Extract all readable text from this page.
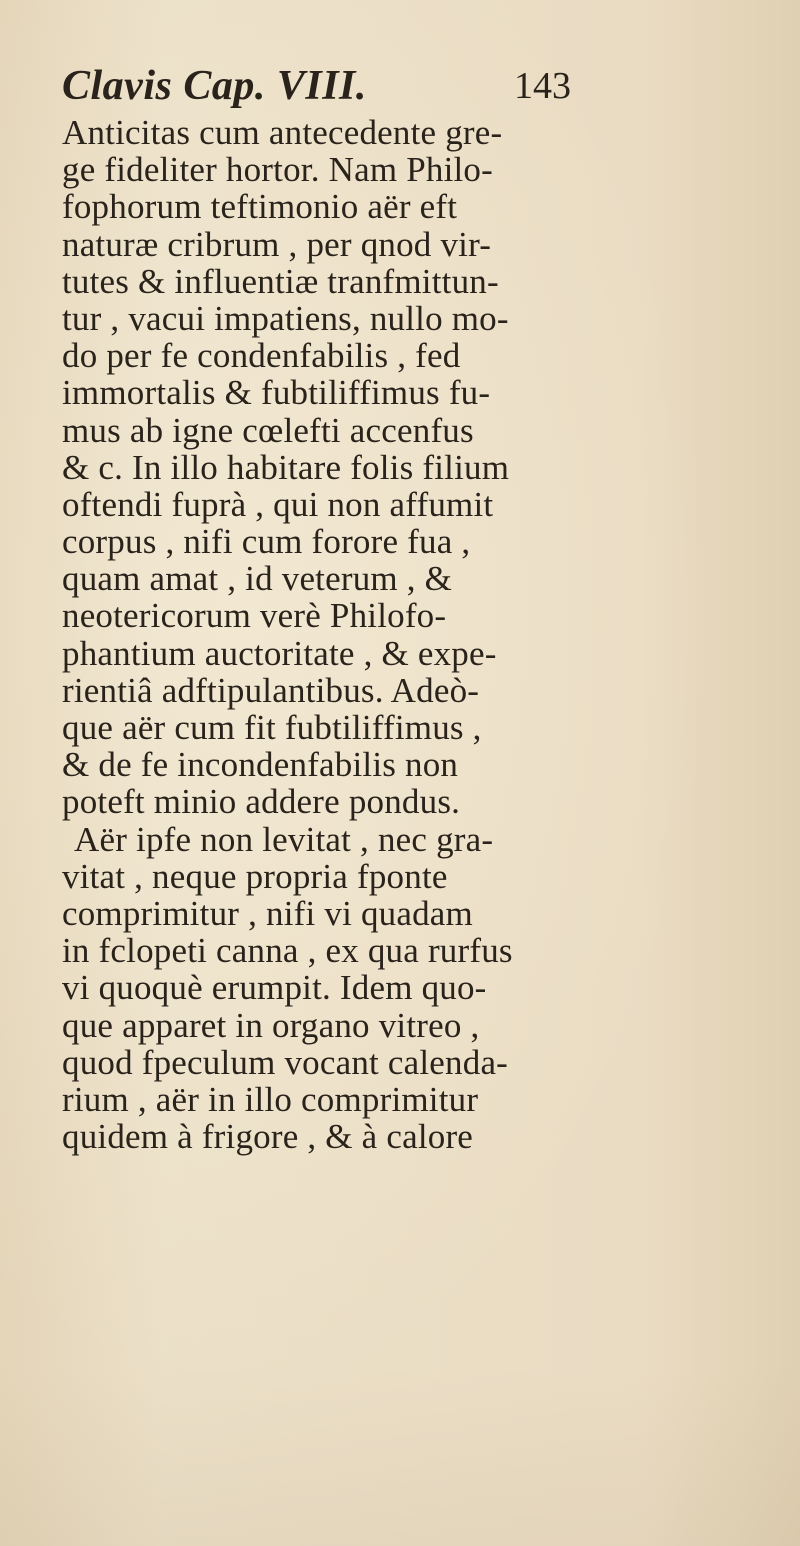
Clavis Cap. VIII.	143
Anticitas cum antecedente gre-
ge fideliter hortor. Nam Philo-
fophorum teftimonio aër eft
naturæ cribrum , per qnod vir-
tutes & influentiæ tranfmittun-
tur , vacui impatiens, nullo mo-
do per fe condenfabilis , fed
immortalis & fubtiliffimus fu-
mus ab igne cœlefti accenfus
& c. In illo habitare folis filium
oftendi fuprà , qui non affumit
corpus , nifi cum forore fua ,
quam amat , id veterum , &
neotericorum verè Philofo-
phantium auctoritate , & expe-
rientiâ adftipulantibus. Adeò-
que aër cum fit fubtiliffimus ,
& de fe incondenfabilis non
poteft minio addere pondus.
Aër ipfe non levitat , nec gra-
vitat , neque propria fponte
comprimitur , nifi vi quadam
in fclopeti canna , ex qua rurfus
vi quoquè erumpit. Idem quo-
que apparet in organo vitreo ,
quod fpeculum vocant calenda-
rium , aër in illo comprimitur
quidem à frigore , & à calore
